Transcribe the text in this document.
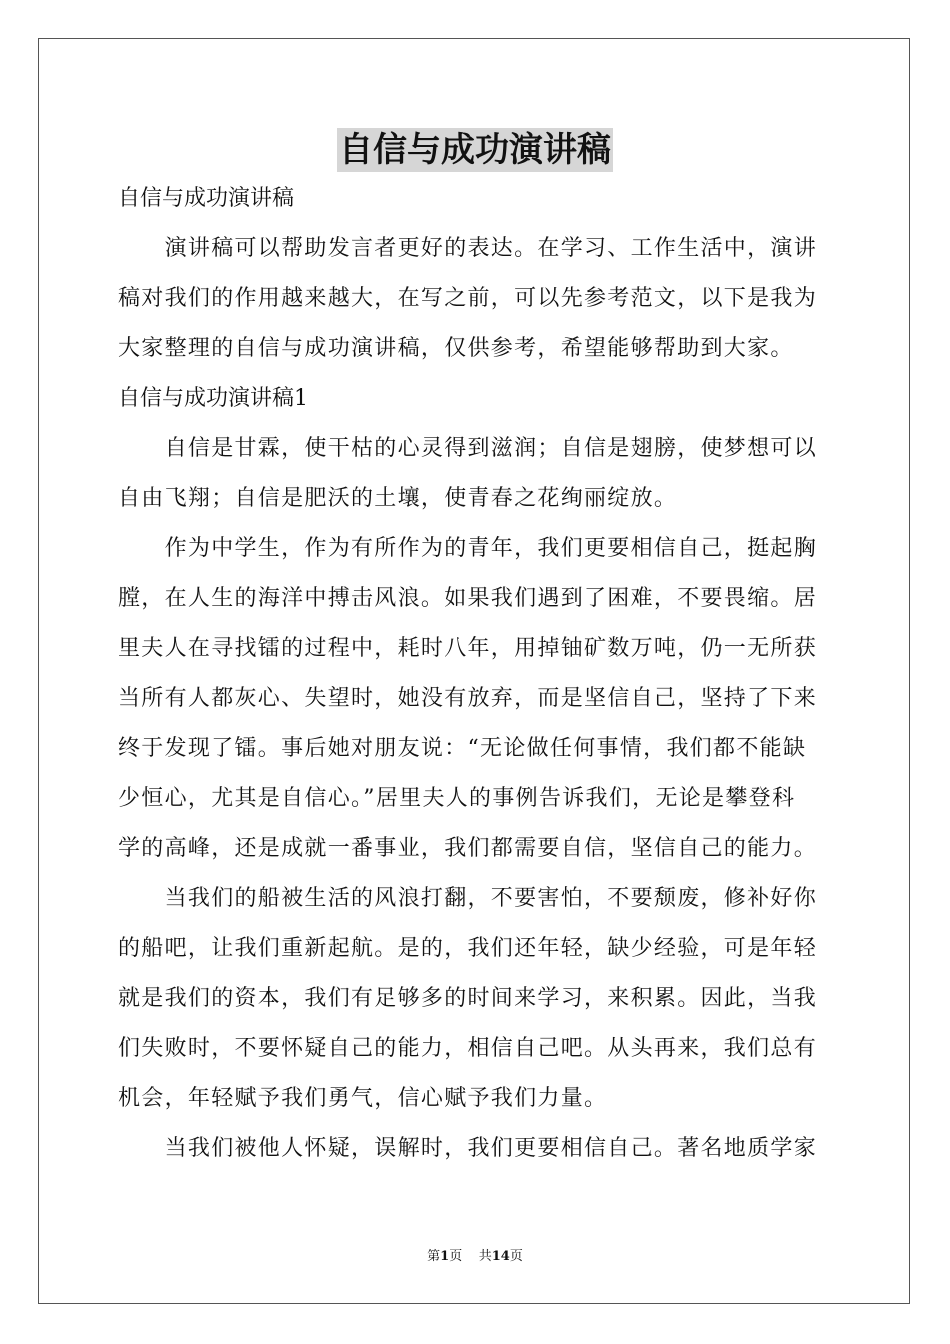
自信与成功演讲稿
自信与成功演讲稿
　　演讲稿可以帮助发言者更好的表达。在学习、工作生活中，演讲
稿对我们的作用越来越大，在写之前，可以先参考范文，以下是我为
大家整理的自信与成功演讲稿，仅供参考，希望能够帮助到大家。
自信与成功演讲稿1
　　自信是甘霖，使干枯的心灵得到滋润；自信是翅膀，使梦想可以
自由飞翔；自信是肥沃的土壤，使青春之花绚丽绽放。
　　作为中学生，作为有所作为的青年，我们更要相信自己，挺起胸
膛，在人生的海洋中搏击风浪。如果我们遇到了困难，不要畏缩。居
里夫人在寻找镭的过程中，耗时八年，用掉铀矿数万吨，仍一无所获
当所有人都灰心、失望时，她没有放弃，而是坚信自己，坚持了下来
终于发现了镭。事后她对朋友说：“无论做任何事情，我们都不能缺
少恒心，尤其是自信心。”居里夫人的事例告诉我们，无论是攀登科
学的高峰，还是成就一番事业，我们都需要自信，坚信自己的能力。
　　当我们的船被生活的风浪打翻，不要害怕，不要颓废，修补好你
的船吧，让我们重新起航。是的，我们还年轻，缺少经验，可是年轻
就是我们的资本，我们有足够多的时间来学习，来积累。因此，当我
们失败时，不要怀疑自己的能力，相信自己吧。从头再来，我们总有
机会，年轻赋予我们勇气，信心赋予我们力量。
　　当我们被他人怀疑，误解时，我们更要相信自己。著名地质学家
第1页 共14页
